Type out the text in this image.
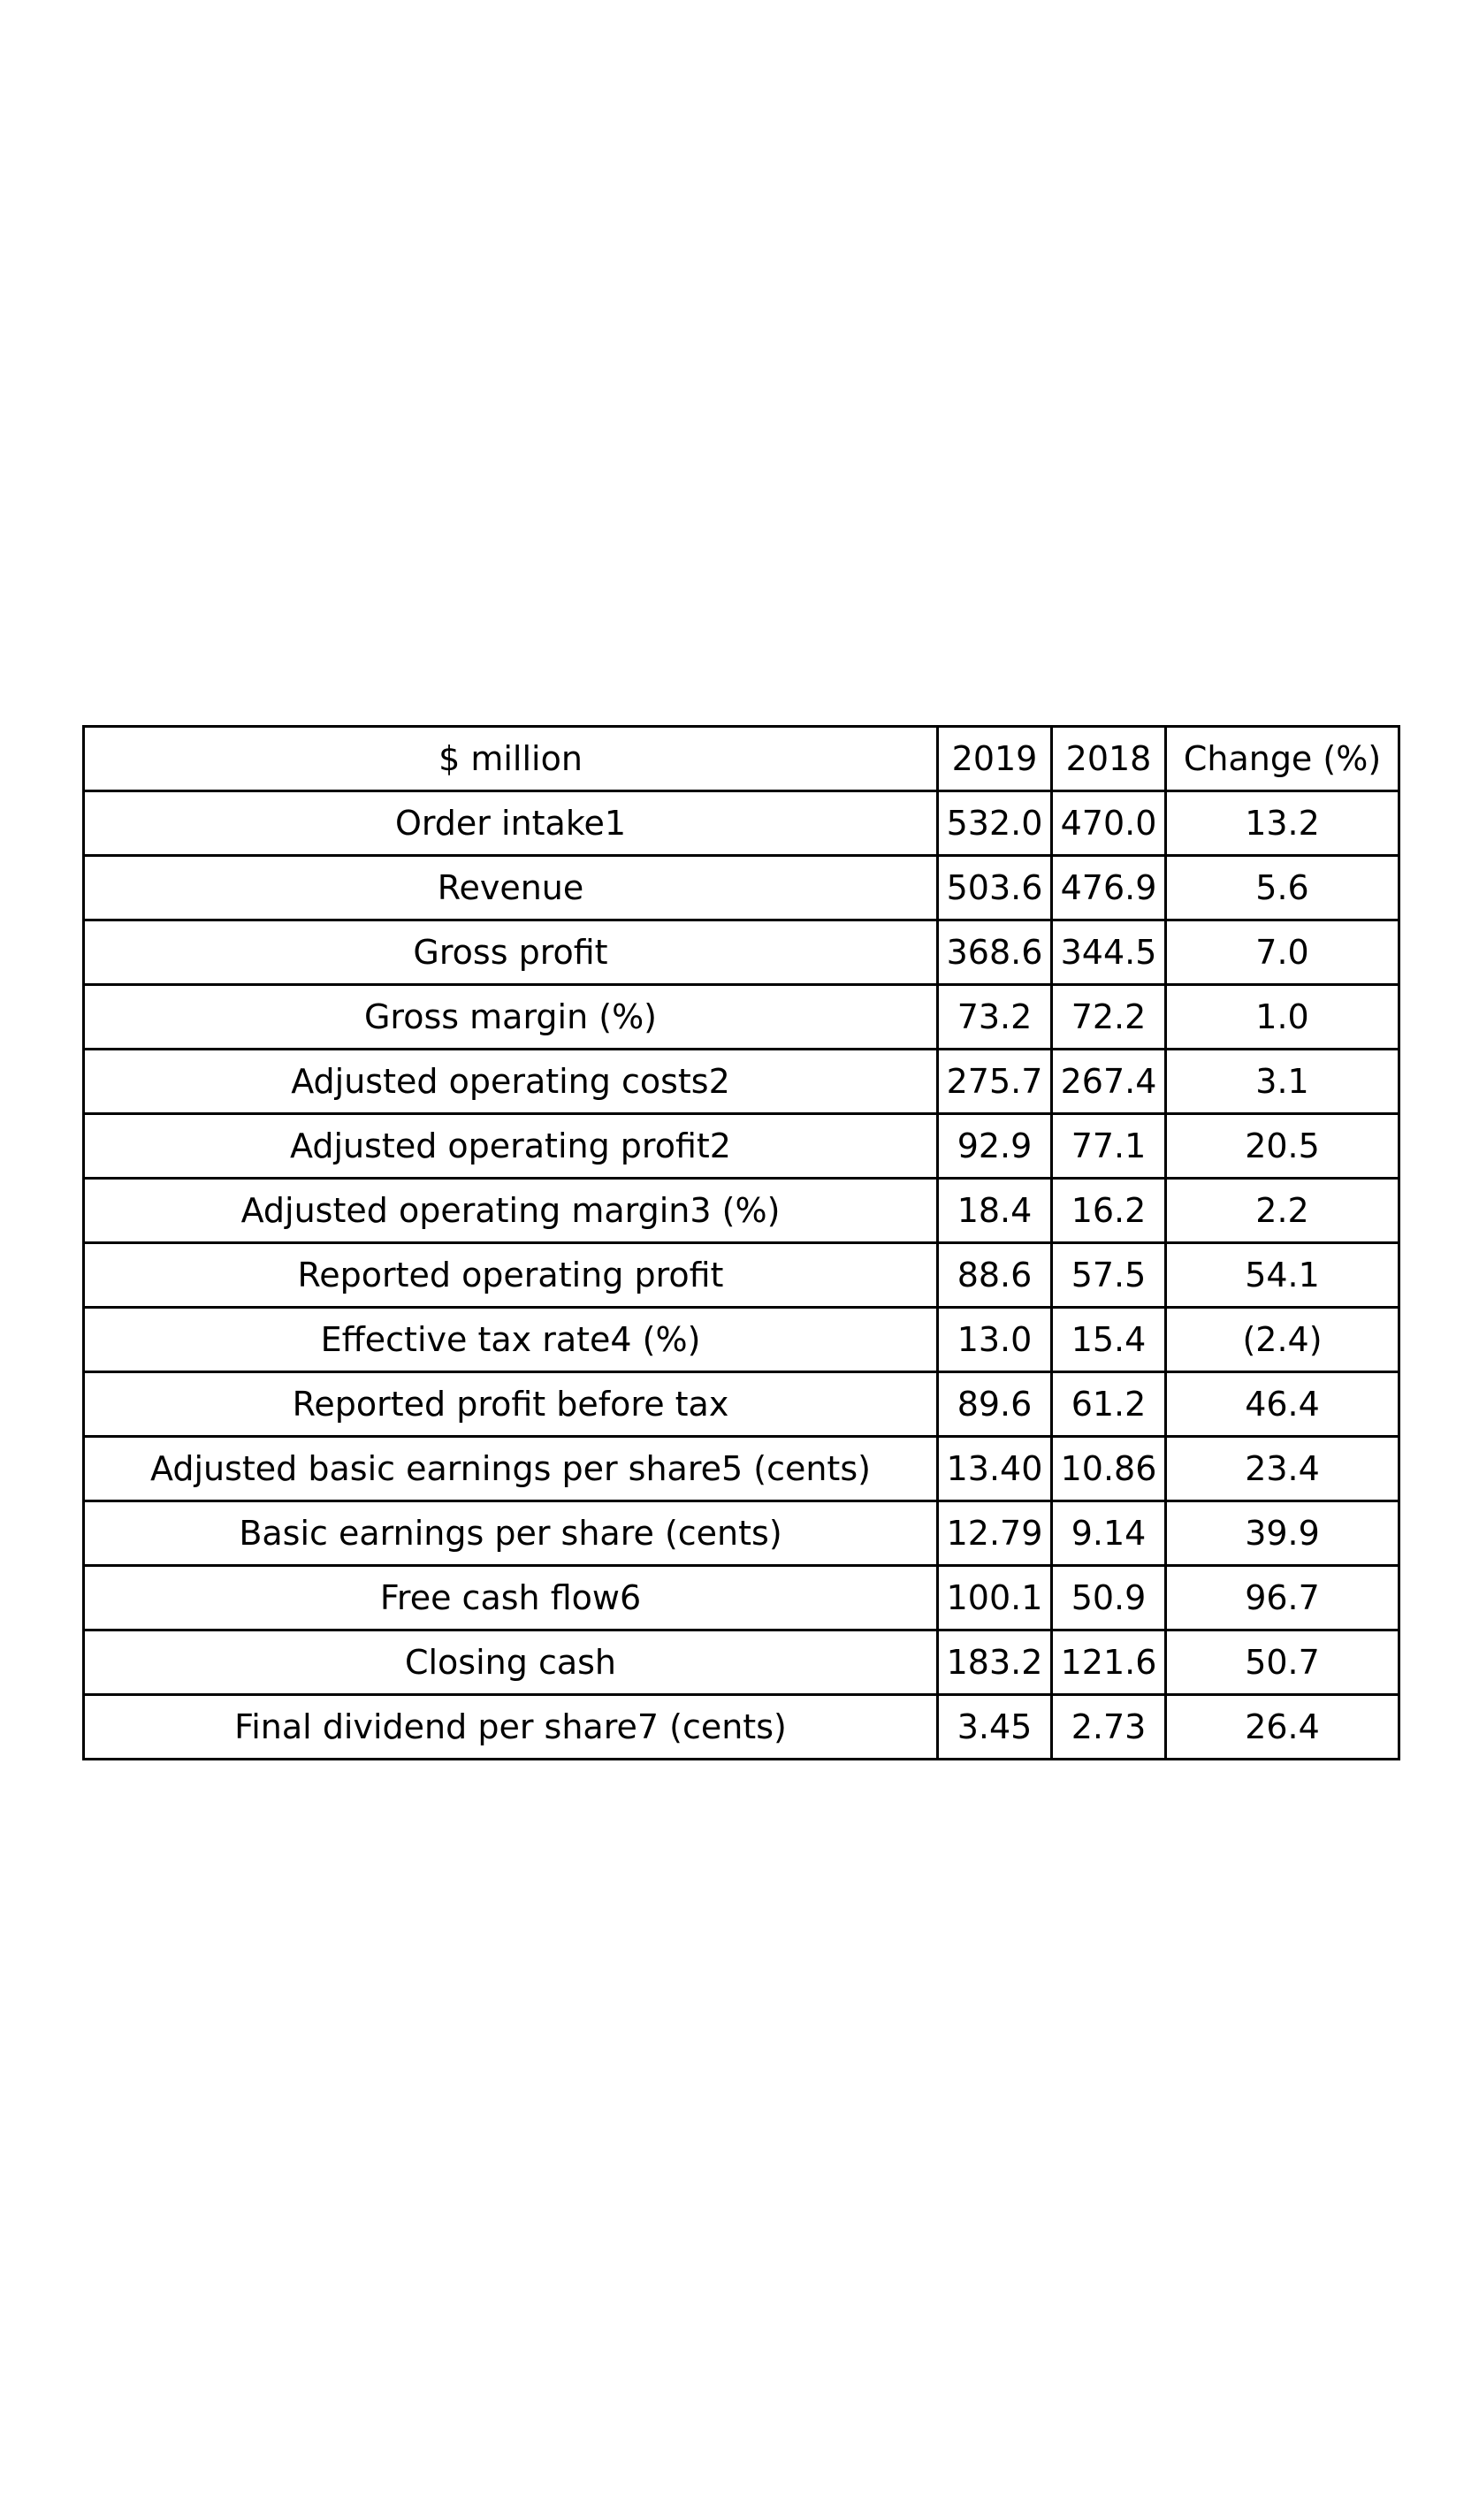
$ million	2019	2018	Change (%)
Order intake1	532.0	470.0	13.2
Revenue	503.6	476.9	5.6
Gross profit	368.6	344.5	7.0
Gross margin (%)	73.2	72.2	1.0
Adjusted operating costs2	275.7	267.4	3.1
Adjusted operating profit2	92.9	77.1	20.5
Adjusted operating margin3 (%)	18.4	16.2	2.2
Reported operating profit	88.6	57.5	54.1
Effective tax rate4 (%)	13.0	15.4	(2.4)
Reported profit before tax	89.6	61.2	46.4
Adjusted basic earnings per share5 (cents)	13.40	10.86	23.4
Basic earnings per share (cents)	12.79	9.14	39.9
Free cash flow6	100.1	50.9	96.7
Closing cash	183.2	121.6	50.7
Final dividend per share7 (cents)	3.45	2.73	26.4
